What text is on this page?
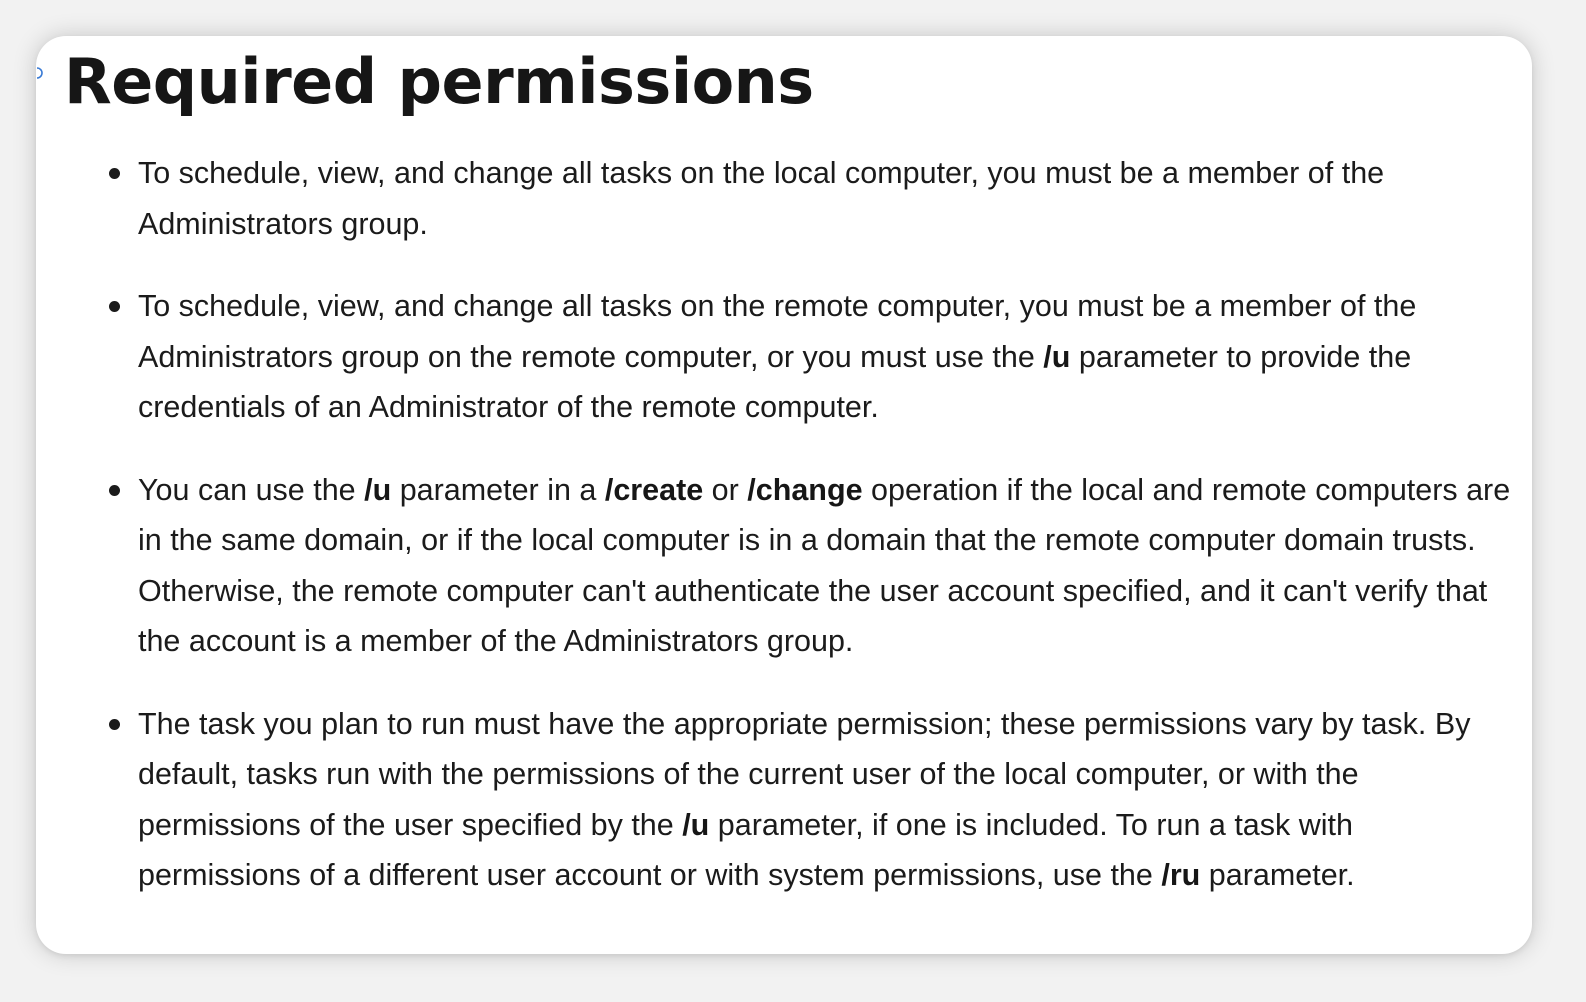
Required permissions
To schedule, view, and change all tasks on the local computer, you must be a member of the Administrators group.
To schedule, view, and change all tasks on the remote computer, you must be a member of the Administrators group on the remote computer, or you must use the /u parameter to provide the credentials of an Administrator of the remote computer.
You can use the /u parameter in a /create or /change operation if the local and remote computers are in the same domain, or if the local computer is in a domain that the remote computer domain trusts. Otherwise, the remote computer can't authenticate the user account specified, and it can't verify that the account is a member of the Administrators group.
The task you plan to run must have the appropriate permission; these permissions vary by task. By default, tasks run with the permissions of the current user of the local computer, or with the permissions of the user specified by the /u parameter, if one is included. To run a task with permissions of a different user account or with system permissions, use the /ru parameter.
